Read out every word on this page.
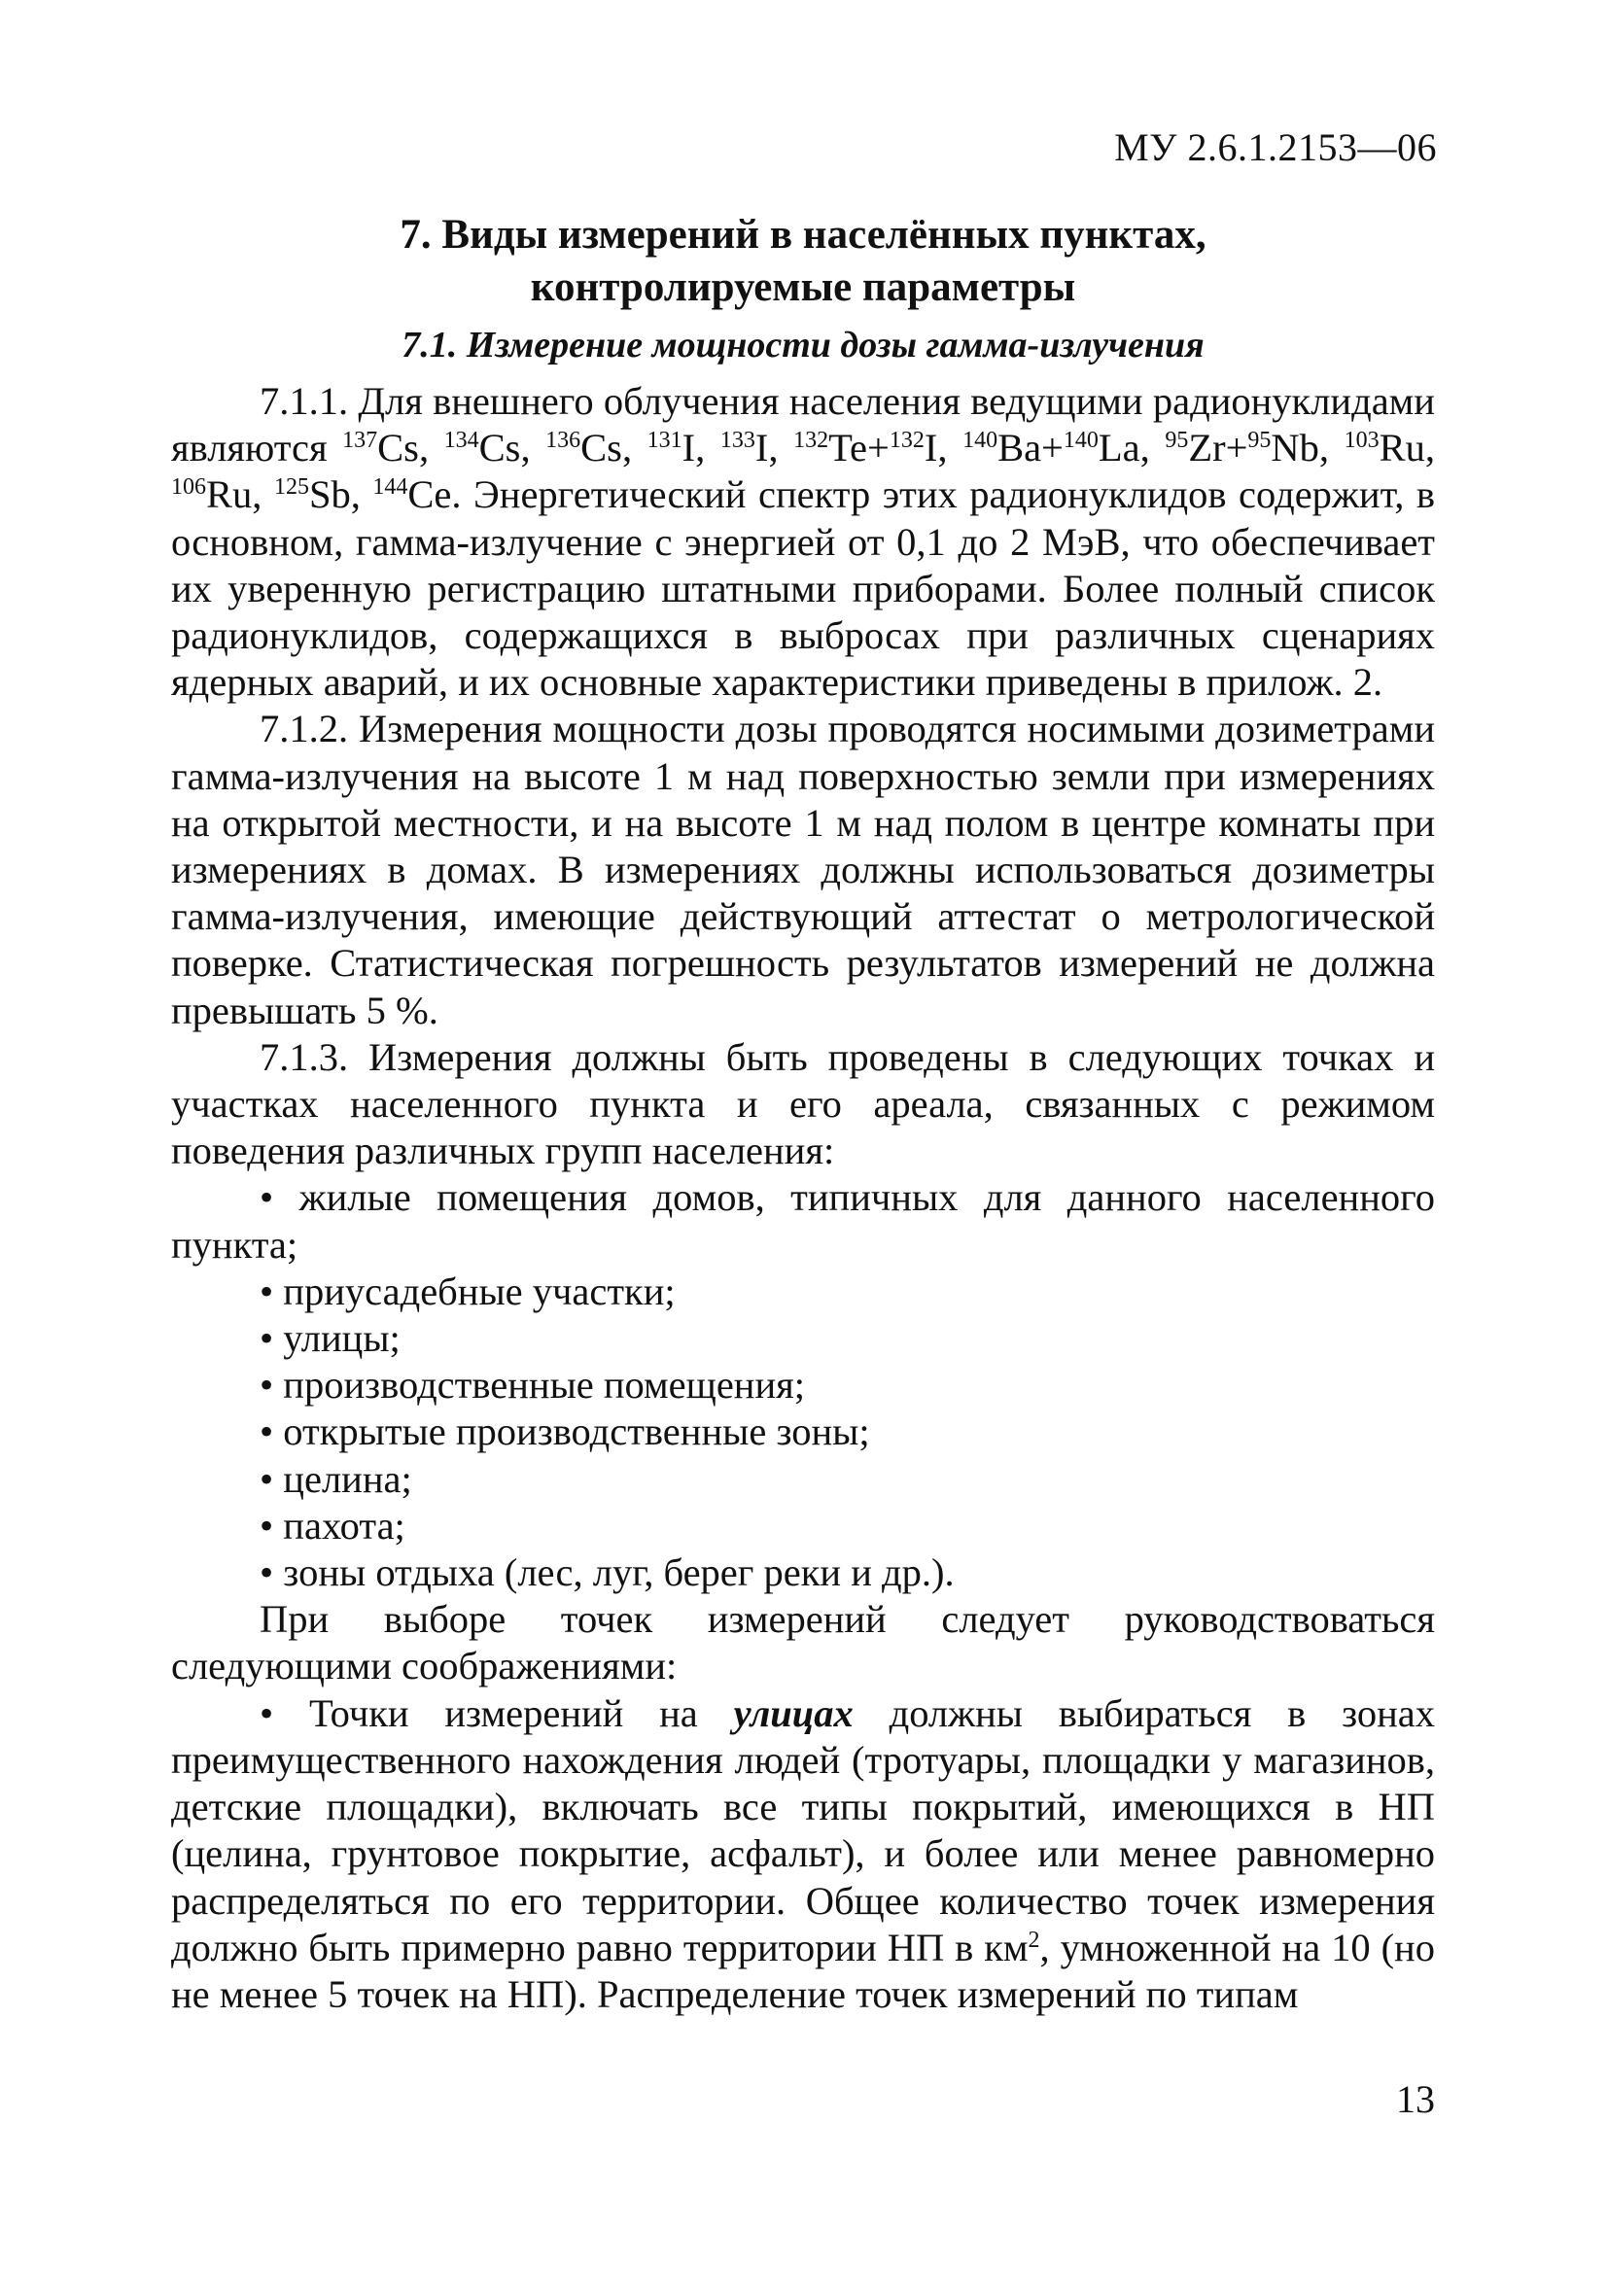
МУ 2.6.1.2153—06
7. Виды измерений в населённых пунктах,
контролируемые параметры
7.1. Измерение мощности дозы гамма-излучения

7.1.1. Для внешнего облучения населения ведущими радионуклидами являются $^{137}$Cs, $^{134}$Cs, $^{136}$Cs, $^{131}$I, $^{133}$I, $^{132}$Te+$^{132}$I, $^{140}$Ba+$^{140}$La, $^{95}$Zr+$^{95}$Nb, $^{103}$Ru, $^{106}$Ru, $^{125}$Sb, $^{144}$Ce. Энергетический спектр этих радионуклидов содержит, в основном, гамма-излучение с энергией от 0,1 до 2 МэВ, что обеспечивает их уверенную регистрацию штатными приборами. Более полный список радионуклидов, содержащихся в выбросах при различных сценариях ядерных аварий, и их основные характеристики приведены в прилож. 2.

7.1.2. Измерения мощности дозы проводятся носимыми дозиметрами гамма-излучения на высоте 1 м над поверхностью земли при измерениях на открытой местности, и на высоте 1 м над полом в центре комнаты при измерениях в домах. В измерениях должны использоваться дозиметры гамма-излучения, имеющие действующий аттестат о метрологической поверке. Статистическая погрешность результатов измерений не должна превышать 5 %.

7.1.3. Измерения должны быть проведены в следующих точках и участках населенного пункта и его ареала, связанных с режимом поведения различных групп населения:

• жилые помещения домов, типичных для данного населенного пункта;

• приусадебные участки;

• улицы;

• производственные помещения;

• открытые производственные зоны;

• целина;

• пахота;

• зоны отдыха (лес, луг, берег реки и др.).

При выборе точек измерений следует руководствоваться следующими соображениями:

• Точки измерений на улицах должны выбираться в зонах преимущественного нахождения людей (тротуары, площадки у магазинов, детские площадки), включать все типы покрытий, имеющихся в НП (целина, грунтовое покрытие, асфальт), и более или менее равномерно распределяться по его территории. Общее количество точек измерения должно быть примерно равно территории НП в $км^2$, умноженной на 10 (но не менее 5 точек на НП). Распределение точек измерений по типам

13
